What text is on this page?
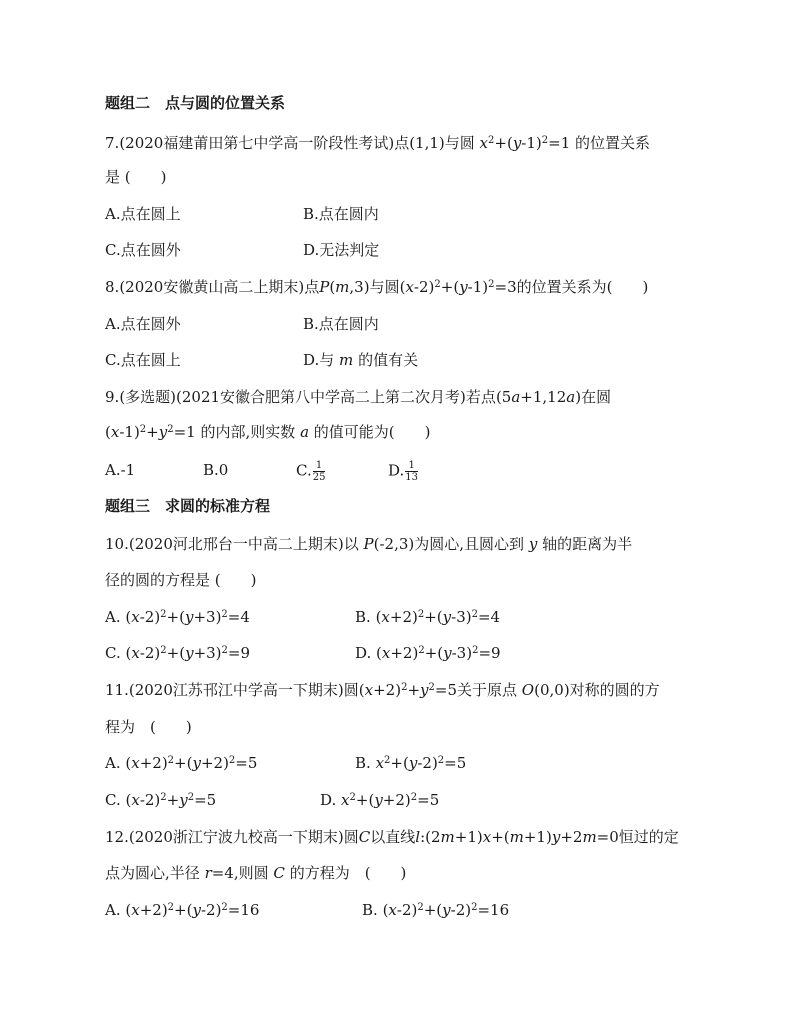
题组二　点与圆的位置关系
7.(2020福建莆田第七中学高一阶段性考试)点(1,1)与圆 $x^2+(y-1)^2=1$ 的位置关系
是 (　　)
A.点在圆上	B.点在圆内
C.点在圆外	D.无法判定
8.(2020安徽黄山高二上期末)点P(m,3)与圆$(x-2)^2+(y-1)^2=3$的位置关系为(　　)
A.点在圆外	B.点在圆内
C.点在圆上	D.与 m 的值有关
9.(多选题)(2021安徽合肥第八中学高二上第二次月考)若点(5a+1,12a)在圆
$(x-1)^2+y^2=1$ 的内部,则实数 a 的值可能为(　　)
A.-1	B.0	C. $\frac{1}{25}$	D. $\frac{1}{13}$
题组三　求圆的标准方程
10.(2020河北邢台一中高二上期末)以 P(-2,3)为圆心,且圆心到 y 轴的距离为半
径的圆的方程是 (　　)
A. $(x-2)^2+(y+3)^2=4$	B. $(x+2)^2+(y-3)^2=4$
C. $(x-2)^2+(y+3)^2=9$	D. $(x+2)^2+(y-3)^2=9$
11.(2020江苏邗江中学高一下期末)圆$(x+2)^2+y^2=5$关于原点 O(0,0)对称的圆的方
程为　(　　)
A. $(x+2)^2+(y+2)^2=5$	B. $x^2+(y-2)^2=5$
C. $(x-2)^2+y^2=5$	D. $x^2+(y+2)^2=5$
12.(2020浙江宁波九校高一下期末)圆C以直线l:(2m+1)x+(m+1)y+2m=0恒过的定
点为圆心,半径 r=4,则圆 C 的方程为　(　　)
A. $(x+2)^2+(y-2)^2=16$	B. $(x-2)^2+(y-2)^2=16$
